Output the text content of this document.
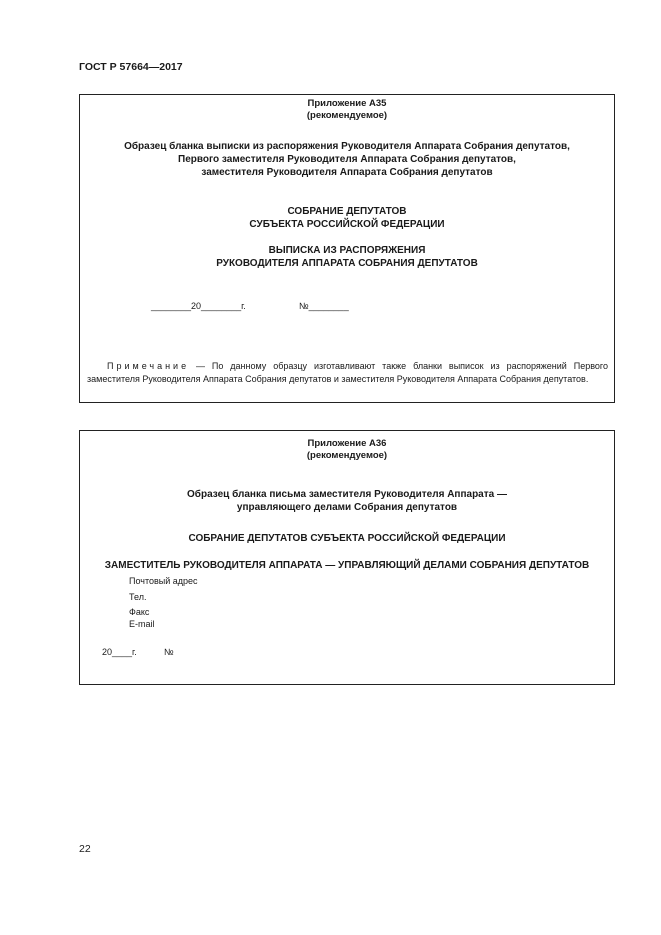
ГОСТ Р 57664—2017
Приложение А35
(рекомендуемое)
Образец бланка выписки из распоряжения Руководителя Аппарата Собрания депутатов,
Первого заместителя Руководителя Аппарата Собрания депутатов,
заместителя Руководителя Аппарата Собрания депутатов
СОБРАНИЕ ДЕПУТАТОВ
СУБЪЕКТА РОССИЙСКОЙ ФЕДЕРАЦИИ
ВЫПИСКА ИЗ РАСПОРЯЖЕНИЯ
РУКОВОДИТЕЛЯ АППАРАТА СОБРАНИЯ ДЕПУТАТОВ
________20________г.	№________
Примечание — По данному образцу изготавливают также бланки выписок из распоряжений Первого заместителя Руководителя Аппарата Собрания депутатов и заместителя Руководителя Аппарата Собрания депутатов.
Приложение А36
(рекомендуемое)
Образец бланка письма заместителя Руководителя Аппарата —
управляющего делами Собрания депутатов
СОБРАНИЕ ДЕПУТАТОВ СУБЪЕКТА РОССИЙСКОЙ ФЕДЕРАЦИИ
ЗАМЕСТИТЕЛЬ РУКОВОДИТЕЛЯ АППАРАТА — УПРАВЛЯЮЩИЙ ДЕЛАМИ СОБРАНИЯ ДЕПУТАТОВ
Почтовый адрес
Тел.
Факс
E-mail
20____г.	№
22
